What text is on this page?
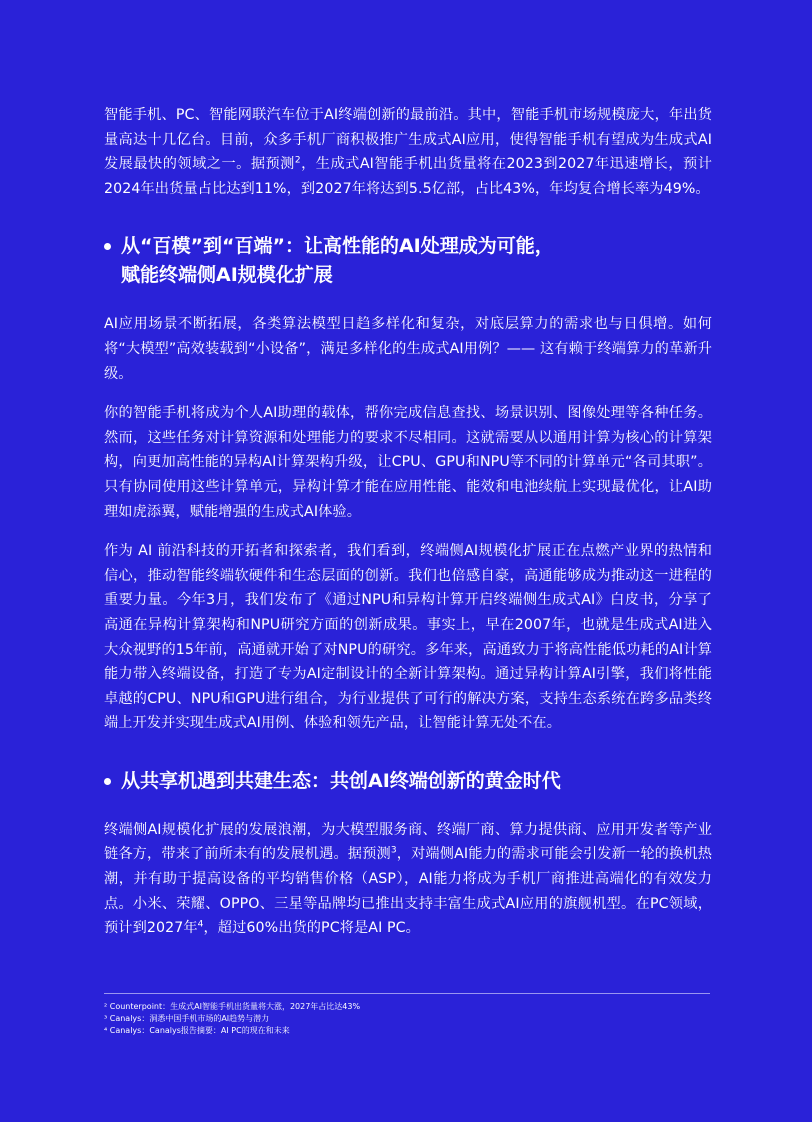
智能手机、PC、智能网联汽车位于AI终端创新的最前沿。其中，智能手机市场规模庞大，年出货量高达十几亿台。目前，众多手机厂商积极推广生成式AI应用，使得智能手机有望成为生成式AI发展最快的领域之一。据预测$^2$，生成式AI智能手机出货量将在2023到2027年迅速增长，预计2024年出货量占比达到11%，到2027年将达到5.5亿部，占比43%，年均复合增长率为49%。

从“百模”到“百端”：让高性能的AI处理成为可能，
赋能终端侧AI规模化扩展

AI应用场景不断拓展，各类算法模型日趋多样化和复杂，对底层算力的需求也与日俱增。如何将“大模型”高效装载到“小设备”，满足多样化的生成式AI用例？—— 这有赖于终端算力的革新升级。

你的智能手机将成为个人AI助理的载体，帮你完成信息查找、场景识别、图像处理等各种任务。然而，这些任务对计算资源和处理能力的要求不尽相同。这就需要从以通用计算为核心的计算架构，向更加高性能的异构AI计算架构升级，让CPU、GPU和NPU等不同的计算单元“各司其职”。只有协同使用这些计算单元，异构计算才能在应用性能、能效和电池续航上实现最优化，让AI助理如虎添翼，赋能增强的生成式AI体验。

作为 AI 前沿科技的开拓者和探索者，我们看到，终端侧AI规模化扩展正在点燃产业界的热情和信心，推动智能终端软硬件和生态层面的创新。我们也倍感自豪，高通能够成为推动这一进程的重要力量。今年3月，我们发布了《通过NPU和异构计算开启终端侧生成式AI》白皮书，分享了高通在异构计算架构和NPU研究方面的创新成果。事实上，早在2007年，也就是生成式AI进入大众视野的15年前，高通就开始了对NPU的研究。多年来，高通致力于将高性能低功耗的AI计算能力带入终端设备，打造了专为AI定制设计的全新计算架构。通过异构计算AI引擎，我们将性能卓越的CPU、NPU和GPU进行组合，为行业提供了可行的解决方案，支持生态系统在跨多品类终端上开发并实现生成式AI用例、体验和领先产品，让智能计算无处不在。

从共享机遇到共建生态：共创AI终端创新的黄金时代

终端侧AI规模化扩展的发展浪潮，为大模型服务商、终端厂商、算力提供商、应用开发者等产业链各方，带来了前所未有的发展机遇。据预测$^3$，对端侧AI能力的需求可能会引发新一轮的换机热潮，并有助于提高设备的平均销售价格（ASP），AI能力将成为手机厂商推进高端化的有效发力点。小米、荣耀、OPPO、三星等品牌均已推出支持丰富生成式AI应用的旗舰机型。在PC领域，预计到2027年$^4$，超过60%出货的PC将是AI PC。

² Counterpoint：生成式AI智能手机出货量将大涨，2027年占比达43%
³ Canalys：洞悉中国手机市场的AI趋势与潜力
⁴ Canalys：Canalys报告摘要：AI PC的现在和未来
